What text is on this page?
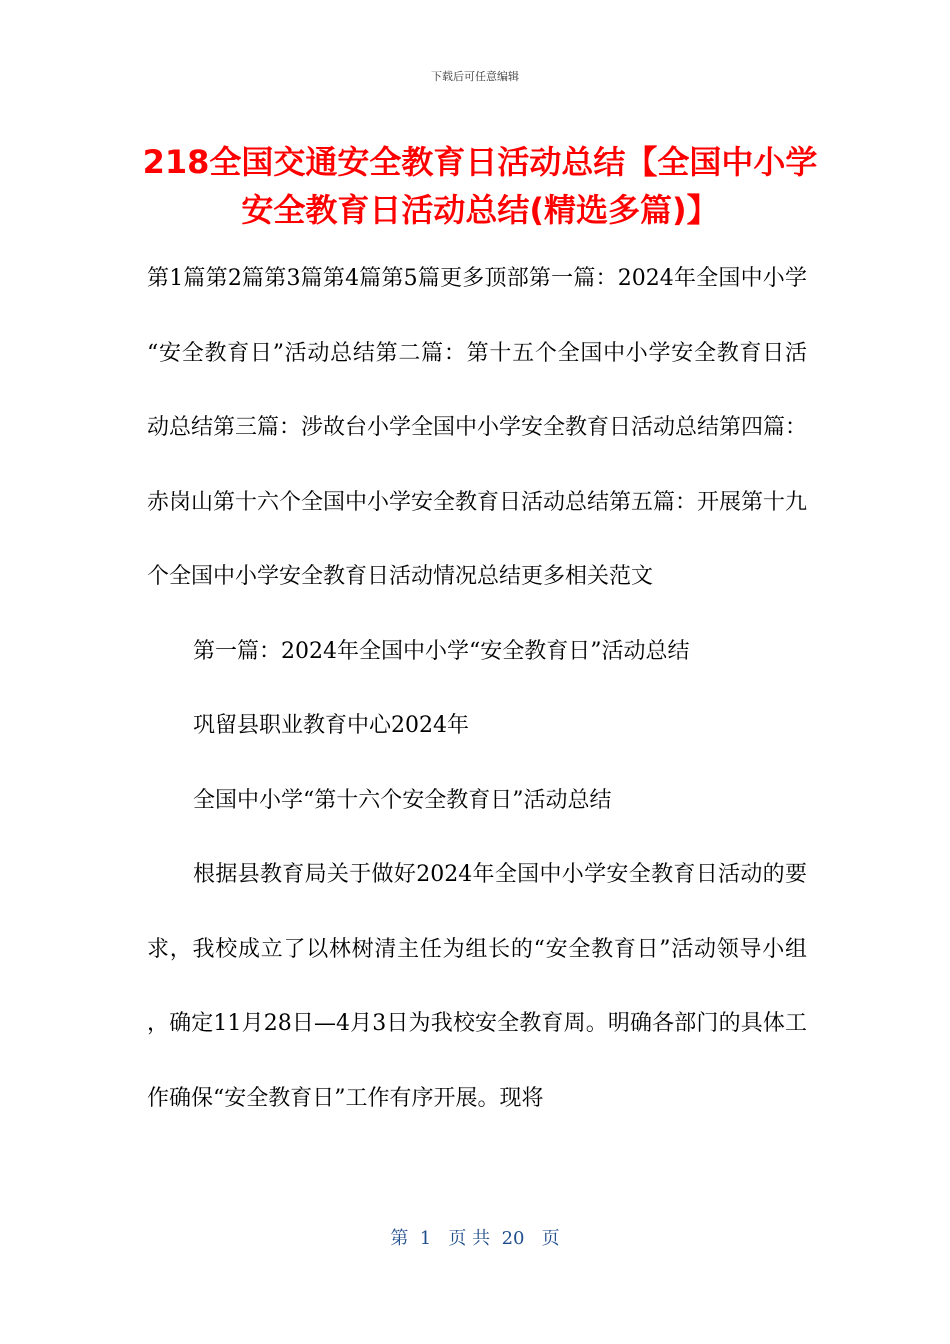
下载后可任意编辑
218全国交通安全教育日活动总结【全国中小学安全教育日活动总结(精选多篇)】

第1篇第2篇第3篇第4篇第5篇更多顶部第一篇：2024年全国中小学“安全教育日”活动总结第二篇：第十五个全国中小学安全教育日活动总结第三篇：涉故台小学全国中小学安全教育日活动总结第四篇：赤岗山第十六个全国中小学安全教育日活动总结第五篇：开展第十九个全国中小学安全教育日活动情况总结更多相关范文

第一篇：2024年全国中小学“安全教育日”活动总结

巩留县职业教育中心2024年

全国中小学“第十六个安全教育日”活动总结

根据县教育局关于做好2024年全国中小学安全教育日活动的要求，我校成立了以林树清主任为组长的“安全教育日”活动领导小组，确定11月28日—4月3日为我校安全教育周。明确各部门的具体工作确保“安全教育日”工作有序开展。现将

第  1   页 共  20   页
